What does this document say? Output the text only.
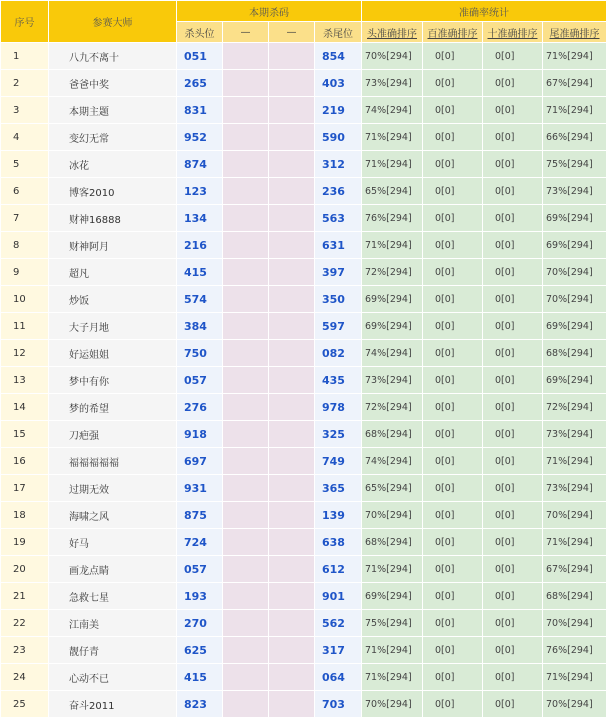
序号	参赛大师	本期杀码				准确率统计			
		杀头位	—	—	杀尾位	头准确排序	百准确排序	十准确排序	尾准确排序
1	八九不离十	051			854	70%[294]	0[0]	0[0]	71%[294]
2	爸爸中奖	265			403	73%[294]	0[0]	0[0]	67%[294]
3	本期主题	831			219	74%[294]	0[0]	0[0]	71%[294]
4	变幻无常	952			590	71%[294]	0[0]	0[0]	66%[294]
5	冰花	874			312	71%[294]	0[0]	0[0]	75%[294]
6	博客2010	123			236	65%[294]	0[0]	0[0]	73%[294]
7	财神16888	134			563	76%[294]	0[0]	0[0]	69%[294]
8	财神阿月	216			631	71%[294]	0[0]	0[0]	69%[294]
9	超凡	415			397	72%[294]	0[0]	0[0]	70%[294]
10	炒饭	574			350	69%[294]	0[0]	0[0]	70%[294]
11	大子月地	384			597	69%[294]	0[0]	0[0]	69%[294]
12	好运姐姐	750			082	74%[294]	0[0]	0[0]	68%[294]
13	梦中有你	057			435	73%[294]	0[0]	0[0]	69%[294]
14	梦的希望	276			978	72%[294]	0[0]	0[0]	72%[294]
15	刀疤强	918			325	68%[294]	0[0]	0[0]	73%[294]
16	福福福福福	697			749	74%[294]	0[0]	0[0]	71%[294]
17	过期无效	931			365	65%[294]	0[0]	0[0]	73%[294]
18	海啸之风	875			139	70%[294]	0[0]	0[0]	70%[294]
19	好马	724			638	68%[294]	0[0]	0[0]	71%[294]
20	画龙点睛	057			612	71%[294]	0[0]	0[0]	67%[294]
21	急救七星	193			901	69%[294]	0[0]	0[0]	68%[294]
22	江南美	270			562	75%[294]	0[0]	0[0]	70%[294]
23	靓仔青	625			317	71%[294]	0[0]	0[0]	76%[294]
24	心动不已	415			064	71%[294]	0[0]	0[0]	71%[294]
25	奋斗2011	823			703	70%[294]	0[0]	0[0]	70%[294]
